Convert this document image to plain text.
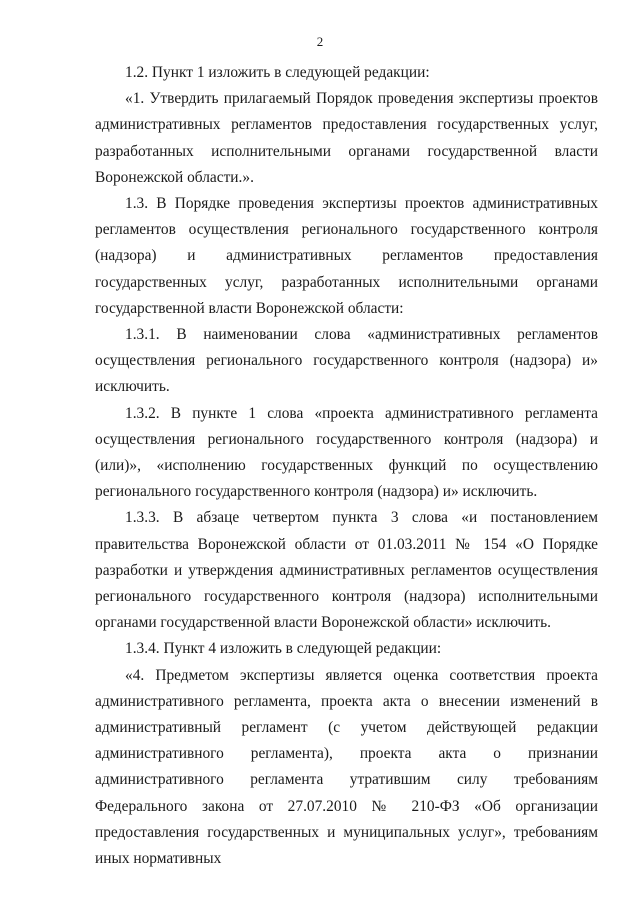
2

1.2. Пункт 1 изложить в следующей редакции:

«1. Утвердить прилагаемый Порядок проведения экспертизы проектов административных регламентов предоставления государственных услуг, разработанных исполнительными органами государственной власти Воронежской области.».

1.3. В Порядке проведения экспертизы проектов административных регламентов осуществления регионального государственного контроля (надзора) и административных регламентов предоставления государственных услуг, разработанных исполнительными органами государственной власти Воронежской области:

1.3.1. В наименовании слова «административных регламентов осуществления регионального государственного контроля (надзора) и» исключить.

1.3.2. В пункте 1 слова «проекта административного регламента осуществления регионального государственного контроля (надзора) и (или)», «исполнению государственных функций по осуществлению регионального государственного контроля (надзора) и» исключить.

1.3.3. В абзаце четвертом пункта 3 слова «и постановлением правительства Воронежской области от 01.03.2011 № 154 «О Порядке разработки и утверждения административных регламентов осуществления регионального государственного контроля (надзора) исполнительными органами государственной власти Воронежской области» исключить.

1.3.4. Пункт 4 изложить в следующей редакции:

«4. Предметом экспертизы является оценка соответствия проекта административного регламента, проекта акта о внесении изменений в административный регламент (с учетом действующей редакции административного регламента), проекта акта о признании административного регламента утратившим силу требованиям Федерального закона от 27.07.2010 № 210-ФЗ «Об организации предоставления государственных и муниципальных услуг», требованиям иных нормативных
